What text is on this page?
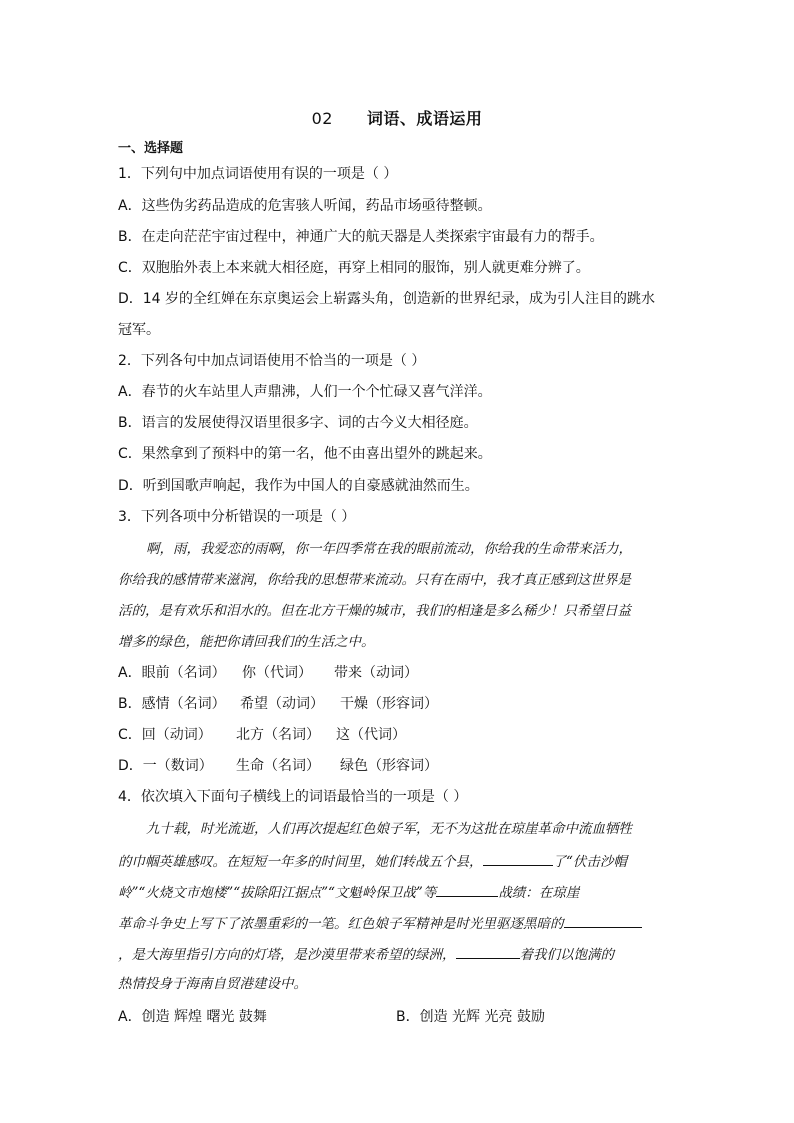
02 词语、成语运用
一、选择题
1．下列句中加点词语使用有误的一项是（ ）
A．这些伪劣药品造成的危害骇人听闻，药品市场亟待整顿。
B．在走向茫茫宇宙过程中，神通广大的航天器是人类探索宇宙最有力的帮手。
C．双胞胎外表上本来就大相径庭，再穿上相同的服饰，别人就更难分辨了。
D．14 岁的全红婵在东京奥运会上崭露头角，创造新的世界纪录，成为引人注目的跳水
冠军。
2．下列各句中加点词语使用不恰当的一项是（ ）
A．春节的火车站里人声鼎沸，人们一个个忙碌又喜气洋洋。
B．语言的发展使得汉语里很多字、词的古今义大相径庭。
C．果然拿到了预料中的第一名，他不由喜出望外的跳起来。
D．听到国歌声响起，我作为中国人的自豪感就油然而生。
3．下列各项中分析错误的一项是（ ）
啊，雨，我爱恋的雨啊，你一年四季常在我的眼前流动，你给我的生命带来活力，
你给我的感情带来滋润，你给我的思想带来流动。只有在雨中，我才真正感到这世界是
活的，是有欢乐和泪水的。但在北方干燥的城市，我们的相逢是多么稀少！只希望日益
增多的绿色，能把你请回我们的生活之中。
A．眼前（名词） 你（代词） 带来（动词）
B．感情（名词） 希望（动词） 干燥（形容词）
C．回（动词） 北方（名词） 这（代词）
D．一（数词） 生命（名词） 绿色（形容词）
4．依次填入下面句子横线上的词语最恰当的一项是（ ）
九十载，时光流逝，人们再次提起红色娘子军，无不为这批在琼崖革命中流血牺牲
的巾帼英雄感叹。在短短一年多的时间里，她们转战五个县，	了“伏击沙帽
岭”“火烧文市炮楼”“拔除阳江据点”“文魁岭保卫战”等	战绩：在琼崖
革命斗争史上写下了浓墨重彩的一笔。红色娘子军精神是时光里驱逐黑暗的
，是大海里指引方向的灯塔，是沙漠里带来希望的绿洲，	着我们以饱满的
热情投身于海南自贸港建设中。
A．创造 辉煌 曙光 鼓舞	B．创造 光辉 光亮 鼓励
